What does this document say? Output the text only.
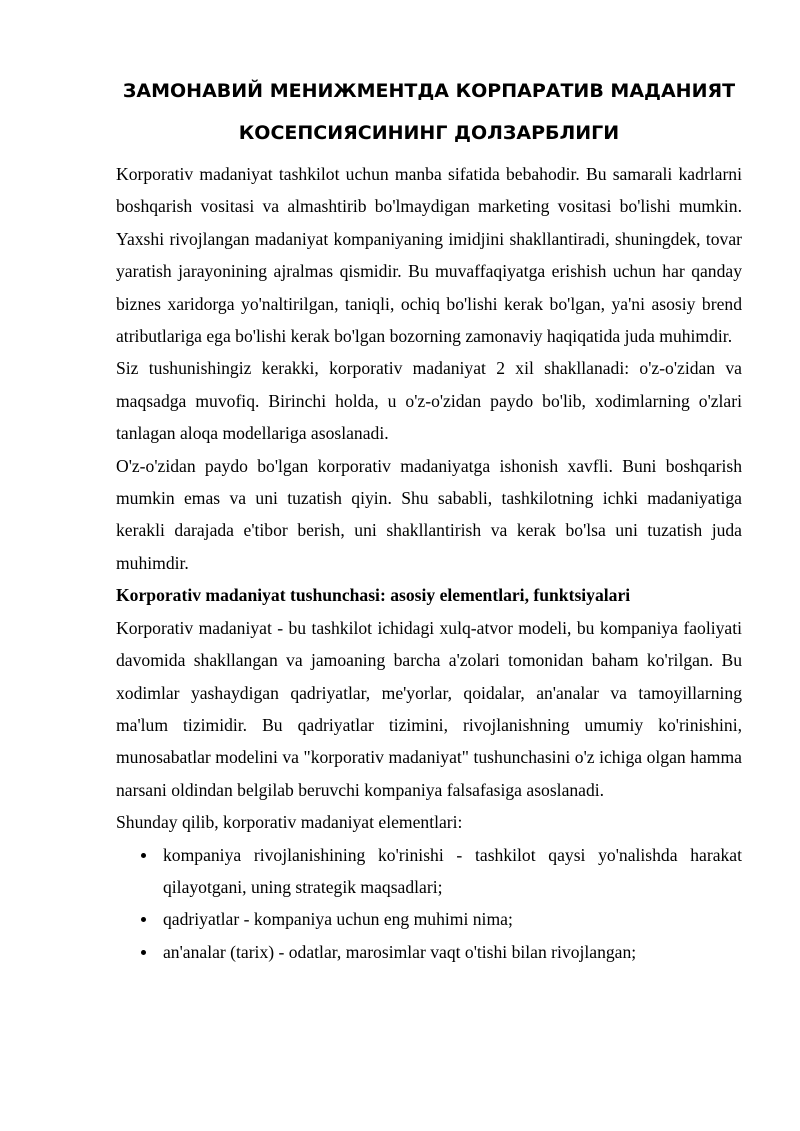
ЗАМОНАВИЙ МЕНИЖМЕНТДА КОРПАРАТИВ МАДАНИЯТ
КОСЕПСИЯСИНИНГ ДОЛЗАРБЛИГИ

Korporativ madaniyat tashkilot uchun manba sifatida bebahodir. Bu samarali kadrlarni boshqarish vositasi va almashtirib bo'lmaydigan marketing vositasi bo'lishi mumkin. Yaxshi rivojlangan madaniyat kompaniyaning imidjini shakllantiradi, shuningdek, tovar yaratish jarayonining ajralmas qismidir. Bu muvaffaqiyatga erishish uchun har qanday biznes xaridorga yo'naltirilgan, taniqli, ochiq bo'lishi kerak bo'lgan, ya'ni asosiy brend atributlariga ega bo'lishi kerak bo'lgan bozorning zamonaviy haqiqatida juda muhimdir.

Siz tushunishingiz kerakki, korporativ madaniyat 2 xil shakllanadi: o'z-o'zidan va maqsadga muvofiq. Birinchi holda, u o'z-o'zidan paydo bo'lib, xodimlarning o'zlari tanlagan aloqa modellariga asoslanadi.

O'z-o'zidan paydo bo'lgan korporativ madaniyatga ishonish xavfli. Buni boshqarish mumkin emas va uni tuzatish qiyin. Shu sababli, tashkilotning ichki madaniyatiga kerakli darajada e'tibor berish, uni shakllantirish va kerak bo'lsa uni tuzatish juda muhimdir.

Korporativ madaniyat tushunchasi: asosiy elementlari, funktsiyalari

Korporativ madaniyat - bu tashkilot ichidagi xulq-atvor modeli, bu kompaniya faoliyati davomida shakllangan va jamoaning barcha a'zolari tomonidan baham ko'rilgan. Bu xodimlar yashaydigan qadriyatlar, me'yorlar, qoidalar, an'analar va tamoyillarning ma'lum tizimidir. Bu qadriyatlar tizimini, rivojlanishning umumiy ko'rinishini, munosabatlar modelini va "korporativ madaniyat" tushunchasini o'z ichiga olgan hamma narsani oldindan belgilab beruvchi kompaniya falsafasiga asoslanadi.

Shunday qilib, korporativ madaniyat elementlari:

kompaniya rivojlanishining ko'rinishi - tashkilot qaysi yo'nalishda harakat qilayotgani, uning strategik maqsadlari;
qadriyatlar - kompaniya uchun eng muhimi nima;
an'analar (tarix) - odatlar, marosimlar vaqt o'tishi bilan rivojlangan;
